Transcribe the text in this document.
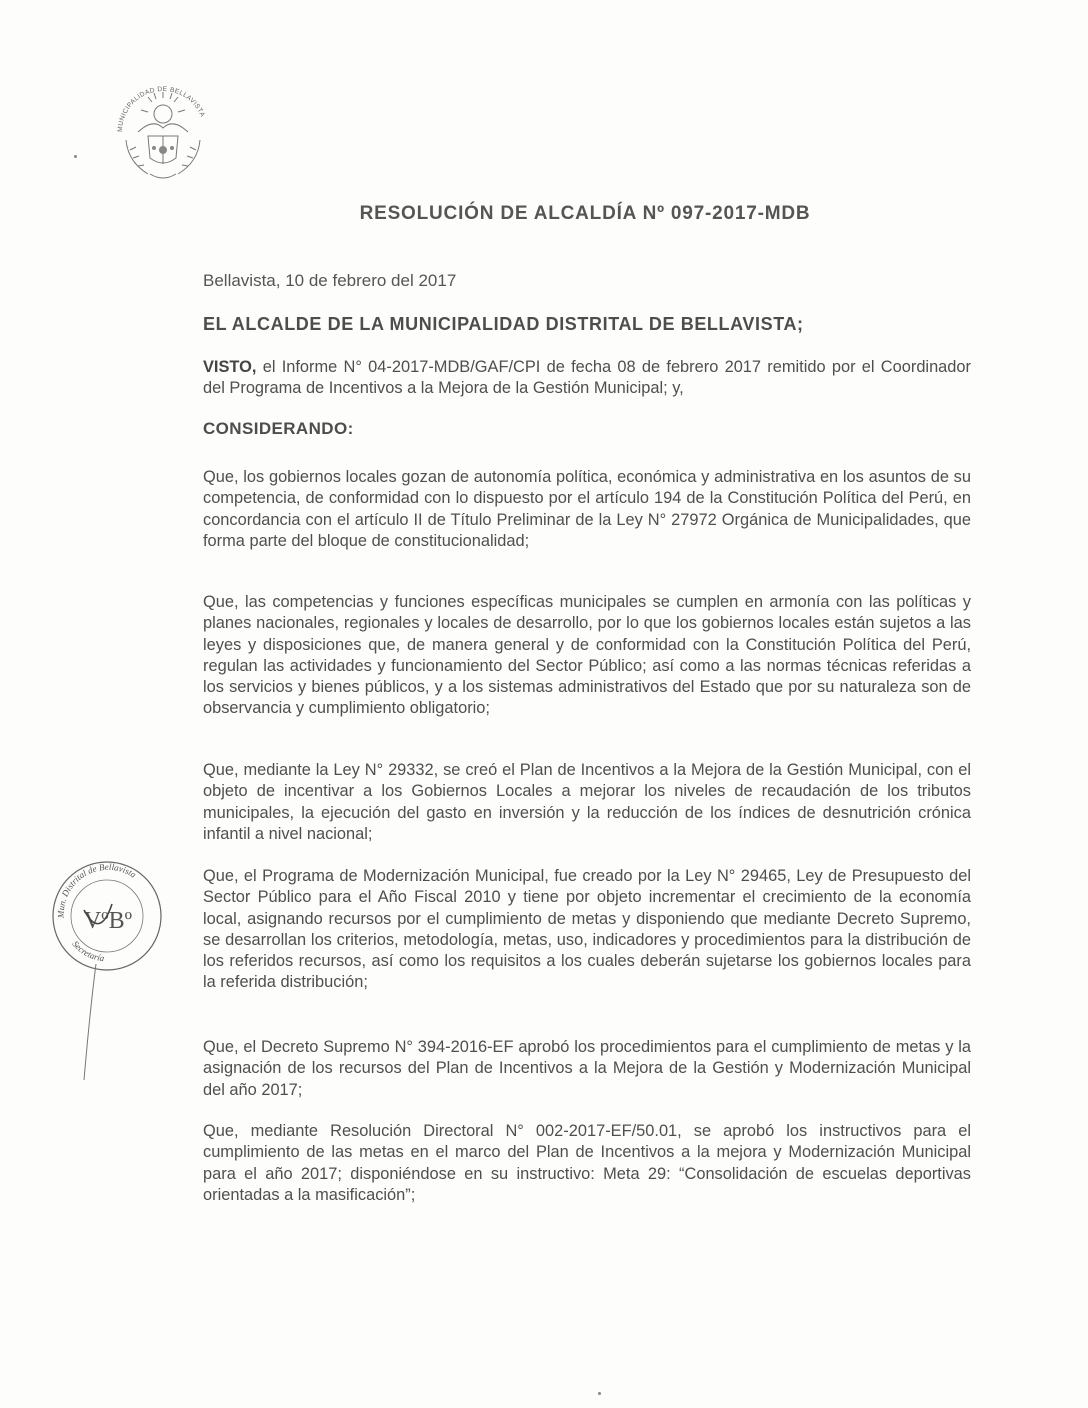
MUNICIPALIDAD DE BELLAVISTA
RESOLUCIÓN DE ALCALDÍA Nº 097-2017-MDB
Bellavista, 10 de febrero del 2017
EL ALCALDE DE LA MUNICIPALIDAD DISTRITAL DE BELLAVISTA;
VISTO, el Informe N° 04-2017-MDB/GAF/CPI de fecha 08 de febrero 2017 remitido por el Coordinador del Programa de Incentivos a la Mejora de la Gestión Municipal; y,
CONSIDERANDO:
Que, los gobiernos locales gozan de autonomía política, económica y administrativa en los asuntos de su competencia, de conformidad con lo dispuesto por el artículo 194 de la Constitución Política del Perú, en concordancia con el artículo II de Título Preliminar de la Ley N° 27972 Orgánica de Municipalidades, que forma parte del bloque de constitucionalidad;
Que, las competencias y funciones específicas municipales se cumplen en armonía con las políticas y planes nacionales, regionales y locales de desarrollo, por lo que los gobiernos locales están sujetos a las leyes y disposiciones que, de manera general y de conformidad con la Constitución Política del Perú, regulan las actividades y funcionamiento del Sector Público; así como a las normas técnicas referidas a los servicios y bienes públicos, y a los sistemas administrativos del Estado que por su naturaleza son de observancia y cumplimiento obligatorio;
Que, mediante la Ley N° 29332, se creó el Plan de Incentivos a la Mejora de la Gestión Municipal, con el objeto de incentivar a los Gobiernos Locales a mejorar los niveles de recaudación de los tributos municipales, la ejecución del gasto en inversión y la reducción de los índices de desnutrición crónica infantil a nivel nacional;
Que, el Programa de Modernización Municipal, fue creado por la Ley N° 29465, Ley de Presupuesto del Sector Público para el Año Fiscal 2010 y tiene por objeto incrementar el crecimiento de la economía local, asignando recursos por el cumplimiento de metas y disponiendo que mediante Decreto Supremo, se desarrollan los criterios, metodología, metas, uso, indicadores y procedimientos para la distribución de los referidos recursos, así como los requisitos a los cuales deberán sujetarse los gobiernos locales para la referida distribución;
Que, el Decreto Supremo N° 394-2016-EF aprobó los procedimientos para el cumplimiento de metas y la asignación de los recursos del Plan de Incentivos a la Mejora de la Gestión y Modernización Municipal del año 2017;
Que, mediante Resolución Directoral N° 002-2017-EF/50.01, se aprobó los instructivos para el cumplimiento de las metas en el marco del Plan de Incentivos a la mejora y Modernización Municipal para el año 2017; disponiéndose en su instructivo: Meta 29: “Consolidación de escuelas deportivas orientadas a la masificación”;
Mun. Distrital de Bellavista
Secretaría
VºBº
